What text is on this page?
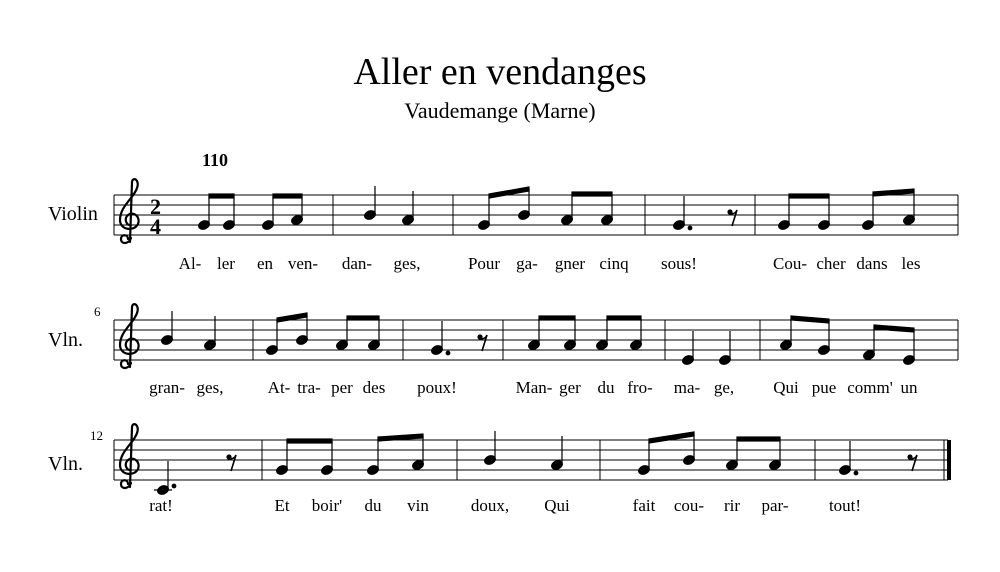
Aller en vendanges
Vaudemange (Marne)
110
Violin
Vln.
Vln.
6
12
Al- ler en ven- dan- ges,	Pour ga- gner cinq sous!	Cou- cher dans les
gran- ges,	At- tra- per des poux!	Man- ger du fro- ma- ge, Qui pue comm' un
rat!	Et boir' du vin doux, Qui	fait cou- rir par- tout!
2
4
